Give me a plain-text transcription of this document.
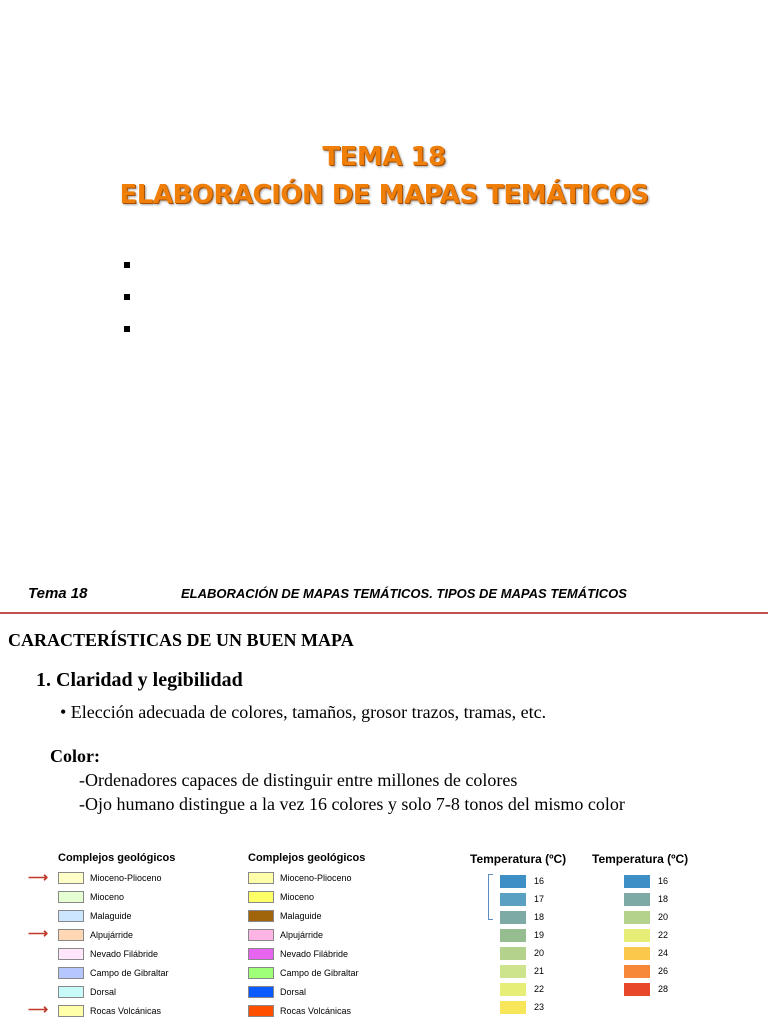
TEMA 18
ELABORACIÓN DE MAPAS TEMÁTICOS
Tema 18	ELABORACIÓN DE MAPAS TEMÁTICOS. TIPOS DE MAPAS TEMÁTICOS
CARACTERÍSTICAS DE UN BUEN MAPA
1. Claridad y legibilidad
• Elección adecuada de colores, tamaños, grosor trazos, tramas, etc.
Color:
-Ordenadores capaces de distinguir entre millones de colores
-Ojo humano distingue a la vez 16 colores y solo 7-8 tonos del mismo color
Complejos geológicos
Mioceno-Plioceno
Mioceno
Malaguide
Alpujárride
Nevado Filábride
Campo de Gibraltar
Dorsal
Rocas Volcánicas
⟶
⟶
⟶
Complejos geológicos
Mioceno-Plioceno
Mioceno
Malaguide
Alpujárride
Nevado Filábride
Campo de Gibraltar
Dorsal
Rocas Volcánicas
Temperatura (ºC)
16
17
18
19
20
21
22
23
Temperatura (ºC)
16
18
20
22
24
26
28
